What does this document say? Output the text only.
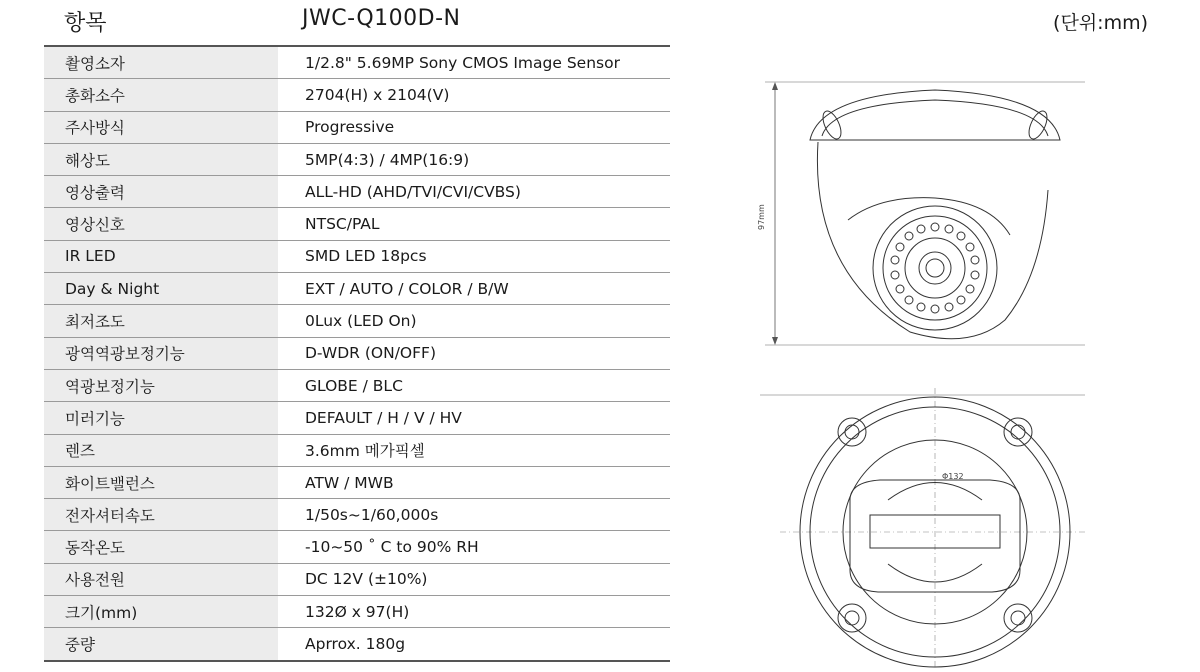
항목	JWC-Q100D-N	(단위:mm)
촬영소자	1/2.8" 5.69MP Sony CMOS Image Sensor
총화소수	2704(H) x 2104(V)
주사방식	Progressive
해상도	5MP(4:3) / 4MP(16:9)
영상출력	ALL-HD (AHD/TVI/CVI/CVBS)
영상신호	NTSC/PAL
IR LED	SMD LED 18pcs
Day & Night	EXT / AUTO / COLOR / B/W
최저조도	0Lux (LED On)
광역역광보정기능	D-WDR (ON/OFF)
역광보정기능	GLOBE / BLC
미러기능	DEFAULT / H / V / HV
렌즈	3.6mm 메가픽셀
화이트밸런스	ATW / MWB
전자셔터속도	1/50s~1/60,000s
동작온도	-10~50 ˚ C to 90% RH
사용전원	DC 12V (±10%)
크기(mm)	132Ø x 97(H)
중량	Aprrox. 180g
97mm
Φ132
